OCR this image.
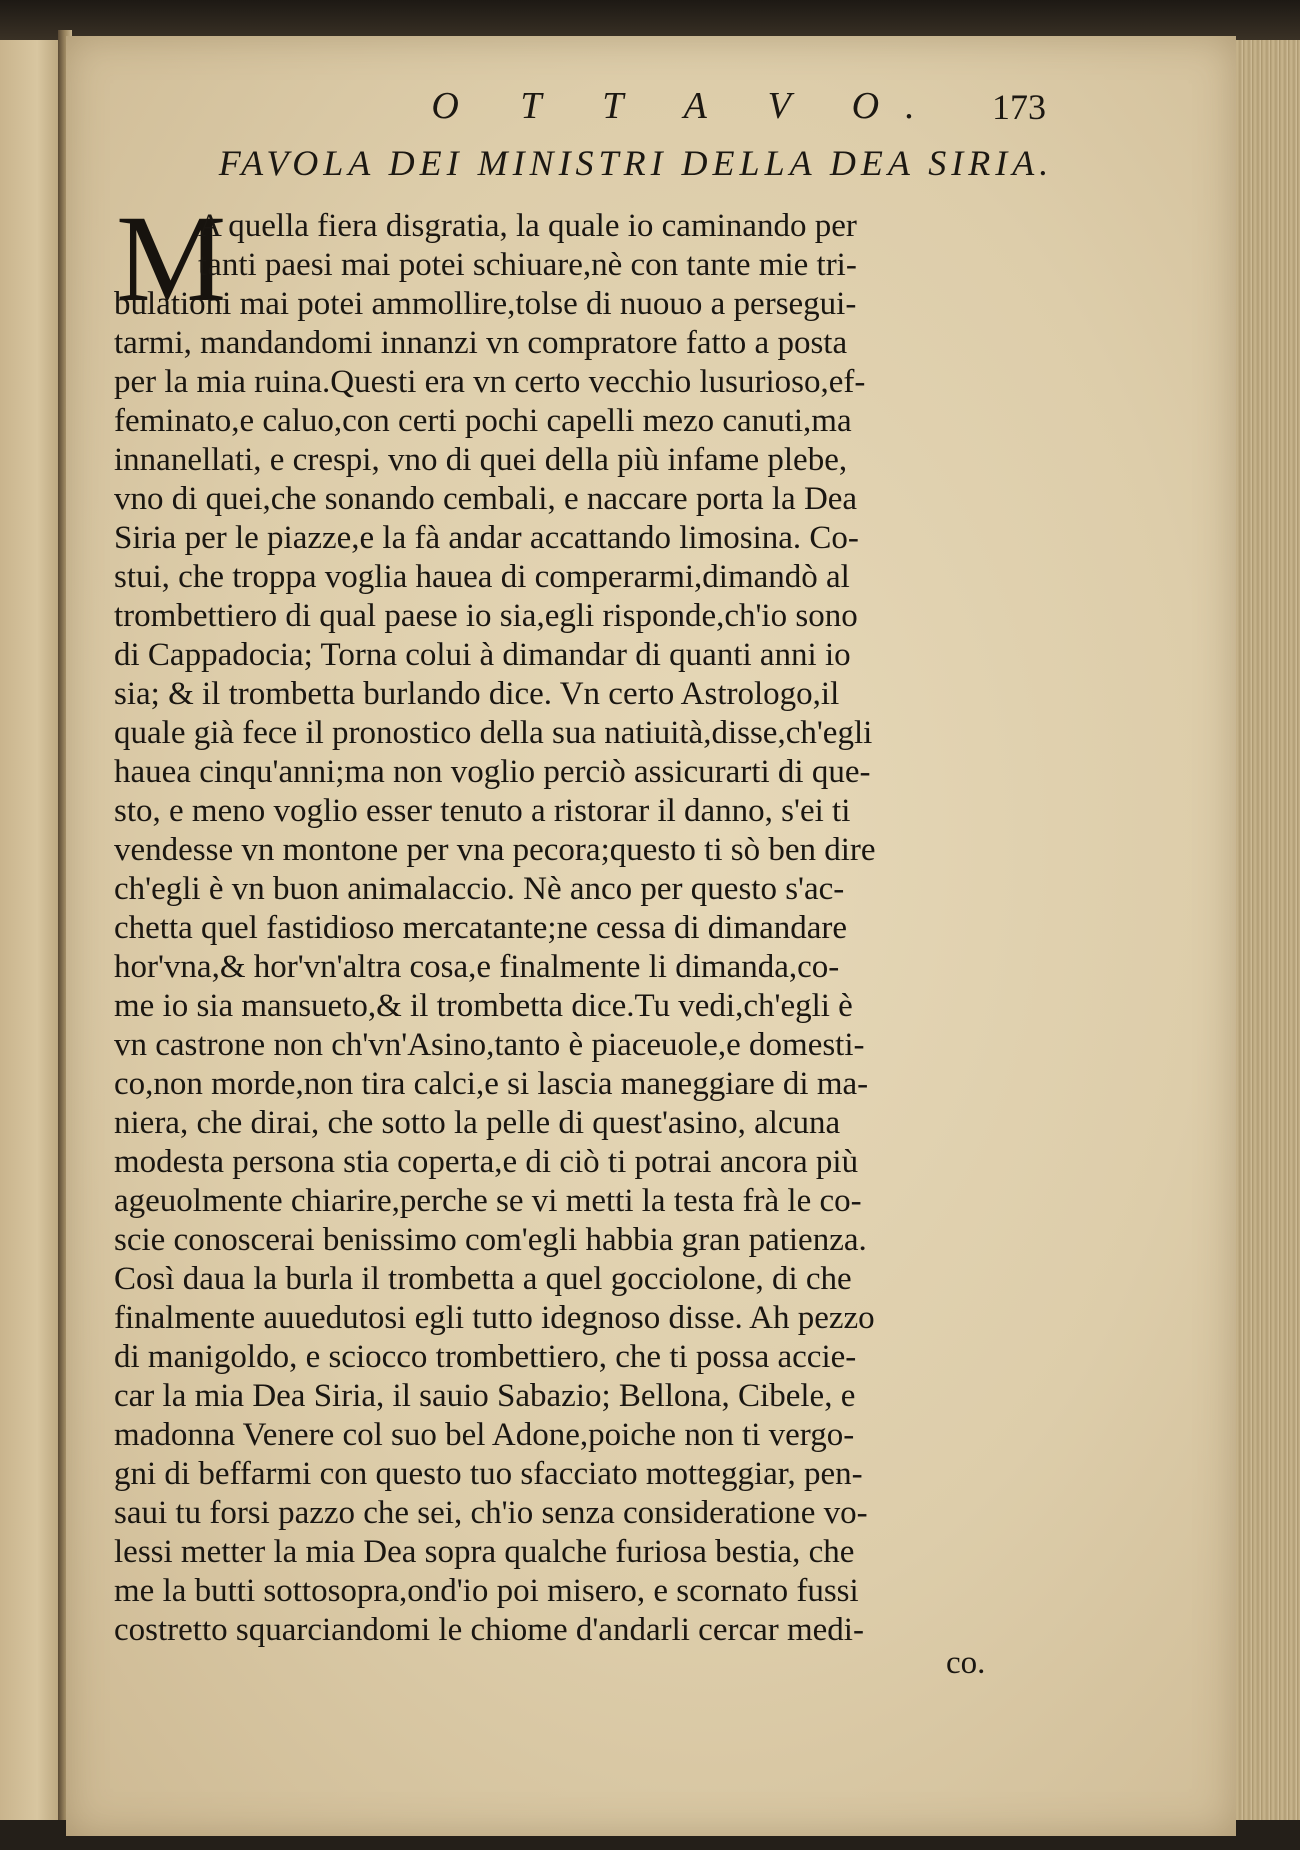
O T T A V O.	173
FAVOLA DEI MINISTRI DELLA DEA SIRIA.
M
A quella fiera disgratia, la quale io caminando per
tanti paesi mai potei schiuare,nè con tante mie tri-
bulationi mai potei ammollire,tolse di nuouo a persegui-
tarmi, mandandomi innanzi vn compratore fatto a posta
per la mia ruina.Questi era vn certo vecchio lusurioso,ef-
feminato,e caluo,con certi pochi capelli mezo canuti,ma
innanellati, e crespi, vno di quei della più infame plebe,
vno di quei,che sonando cembali, e naccare porta la Dea
Siria per le piazze,e la fà andar accattando limosina. Co-
stui, che troppa voglia hauea di comperarmi,dimandò al
trombettiero di qual paese io sia,egli risponde,ch'io sono
di Cappadocia; Torna colui à dimandar di quanti anni io
sia; & il trombetta burlando dice. Vn certo Astrologo,il
quale già fece il pronostico della sua natiuità,disse,ch'egli
hauea cinqu'anni;ma non voglio perciò assicurarti di que-
sto, e meno voglio esser tenuto a ristorar il danno, s'ei ti
vendesse vn montone per vna pecora;questo ti sò ben dire
ch'egli è vn buon animalaccio. Nè anco per questo s'ac-
chetta quel fastidioso mercatante;ne cessa di dimandare
hor'vna,& hor'vn'altra cosa,e finalmente li dimanda,co-
me io sia mansueto,& il trombetta dice.Tu vedi,ch'egli è
vn castrone non ch'vn'Asino,tanto è piaceuole,e domesti-
co,non morde,non tira calci,e si lascia maneggiare di ma-
niera, che dirai, che sotto la pelle di quest'asino, alcuna
modesta persona stia coperta,e di ciò ti potrai ancora più
ageuolmente chiarire,perche se vi metti la testa frà le co-
scie conoscerai benissimo com'egli habbia gran patienza.
Così daua la burla il trombetta a quel gocciolone, di che
finalmente auuedutosi egli tutto idegnoso disse. Ah pezzo
di manigoldo, e sciocco trombettiero, che ti possa accie-
car la mia Dea Siria, il sauio Sabazio; Bellona, Cibele, e
madonna Venere col suo bel Adone,poiche non ti vergo-
gni di beffarmi con questo tuo sfacciato motteggiar, pen-
saui tu forsi pazzo che sei, ch'io senza consideratione vo-
lessi metter la mia Dea sopra qualche furiosa bestia, che
me la butti sottosopra,ond'io poi misero, e scornato fussi
costretto squarciandomi le chiome d'andarli cercar medi-
co.
